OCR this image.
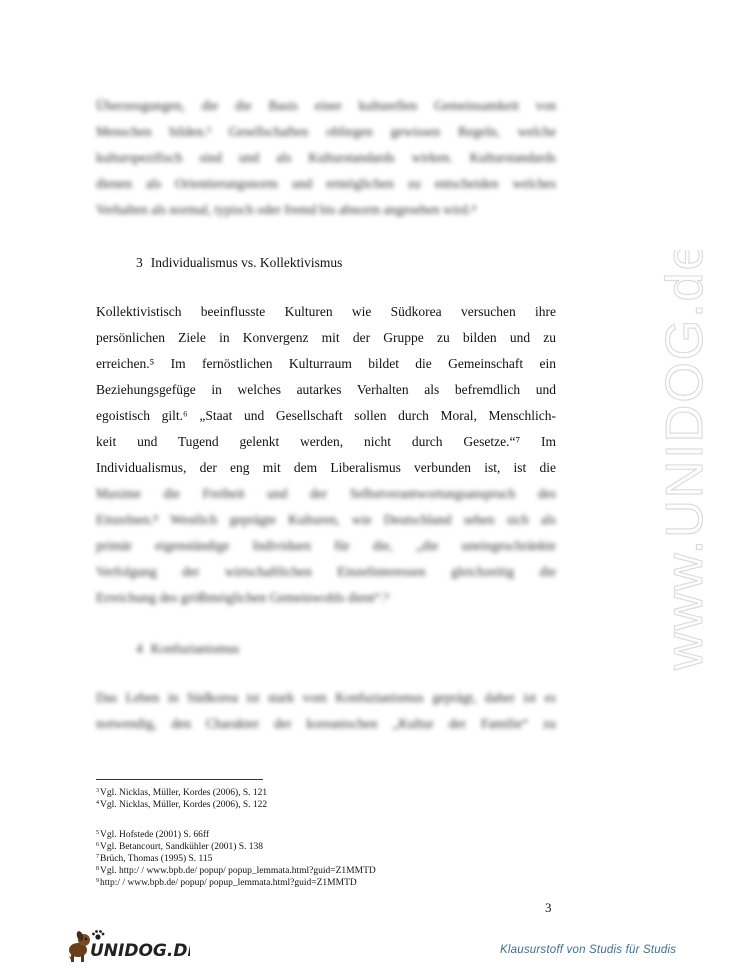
Überzeugungen, die die Basis einer kulturellen Gemeinsamkeit von
Menschen bilden.³ Gesellschaften obliegen gewissen Regeln, welche
kulturspezifisch sind und als Kulturstandards wirken. Kulturstandards
dienen als Orientierungsnorm und ermöglichen zu entscheiden welches
Verhalten als normal, typisch oder fremd bis abnorm angesehen wird.⁴
3 Individualismus vs. Kollektivismus
Kollektivistisch beeinflusste Kulturen wie Südkorea versuchen ihre
persönlichen Ziele in Konvergenz mit der Gruppe zu bilden und zu
erreichen.⁵ Im fernöstlichen Kulturraum bildet die Gemeinschaft ein
Beziehungsgefüge in welches autarkes Verhalten als befremdlich und
egoistisch gilt.⁶ „Staat und Gesellschaft sollen durch Moral, Menschlich-
keit und Tugend gelenkt werden, nicht durch Gesetze.“⁷ Im
Individualismus, der eng mit dem Liberalismus verbunden ist, ist die
Maxime die Freiheit und der Selbstverantwortungsanspruch des
Einzelnen.⁸ Westlich geprägte Kulturen, wie Deutschland sehen sich als
primär eigenständige Individuen für die, „die uneingeschränkte
Verfolgung der wirtschaftlichen Einzelinteressen gleichzeitig die
Erreichung des größtmöglichen Gemeinwohls dient“.⁹
4 Konfuzianismus
Das Leben in Südkorea ist stark vom Konfuzianismus geprägt, daher ist es
notwendig, den Charakter der koreanischen „Kultur der Familie“ zu
$^3$Vgl. Nicklas, Müller, Kordes (2006), S. 121
$^4$Vgl. Nicklas, Müller, Kordes (2006), S. 122
$^5$Vgl. Hofstede (2001) S. 66ff
$^6$Vgl. Betancourt, Sandkühler (2001) S. 138
$^7$Brüch, Thomas (1995) S. 115
$^8$Vgl. http:/ / www.bpb.de/ popup/ popup_lemmata.html?guid=Z1MMTD
$^9$http:/ / www.bpb.de/ popup/ popup_lemmata.html?guid=Z1MMTD
3
www.UNIDOG.de
UNIDOG.DE	Klausurstoff von Studis für Studis
